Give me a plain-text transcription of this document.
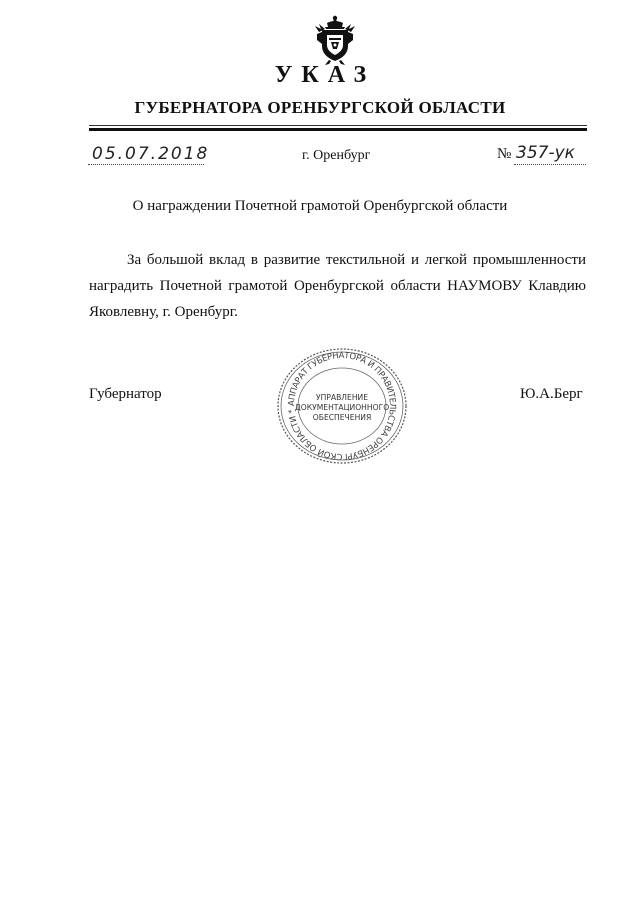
УКАЗ
ГУБЕРНАТОРА ОРЕНБУРГСКОЙ ОБЛАСТИ
05.07.2018	г. Оренбург	№ 357-ук
О награждении Почетной грамотой Оренбургской области
За большой вклад в развитие текстильной и легкой промышленности наградить Почетной грамотой Оренбургской области НАУМОВУ Клавдию Яковлевну, г. Оренбург.
Губернатор	Ю.А.Берг
АППАРАТ ГУБЕРНАТОРА И ПРАВИТЕЛЬСТВА ОРЕНБУРГСКОЙ ОБЛАСТИ *
УПРАВЛЕНИЕ
ДОКУМЕНТАЦИОННОГО
ОБЕСПЕЧЕНИЯ
